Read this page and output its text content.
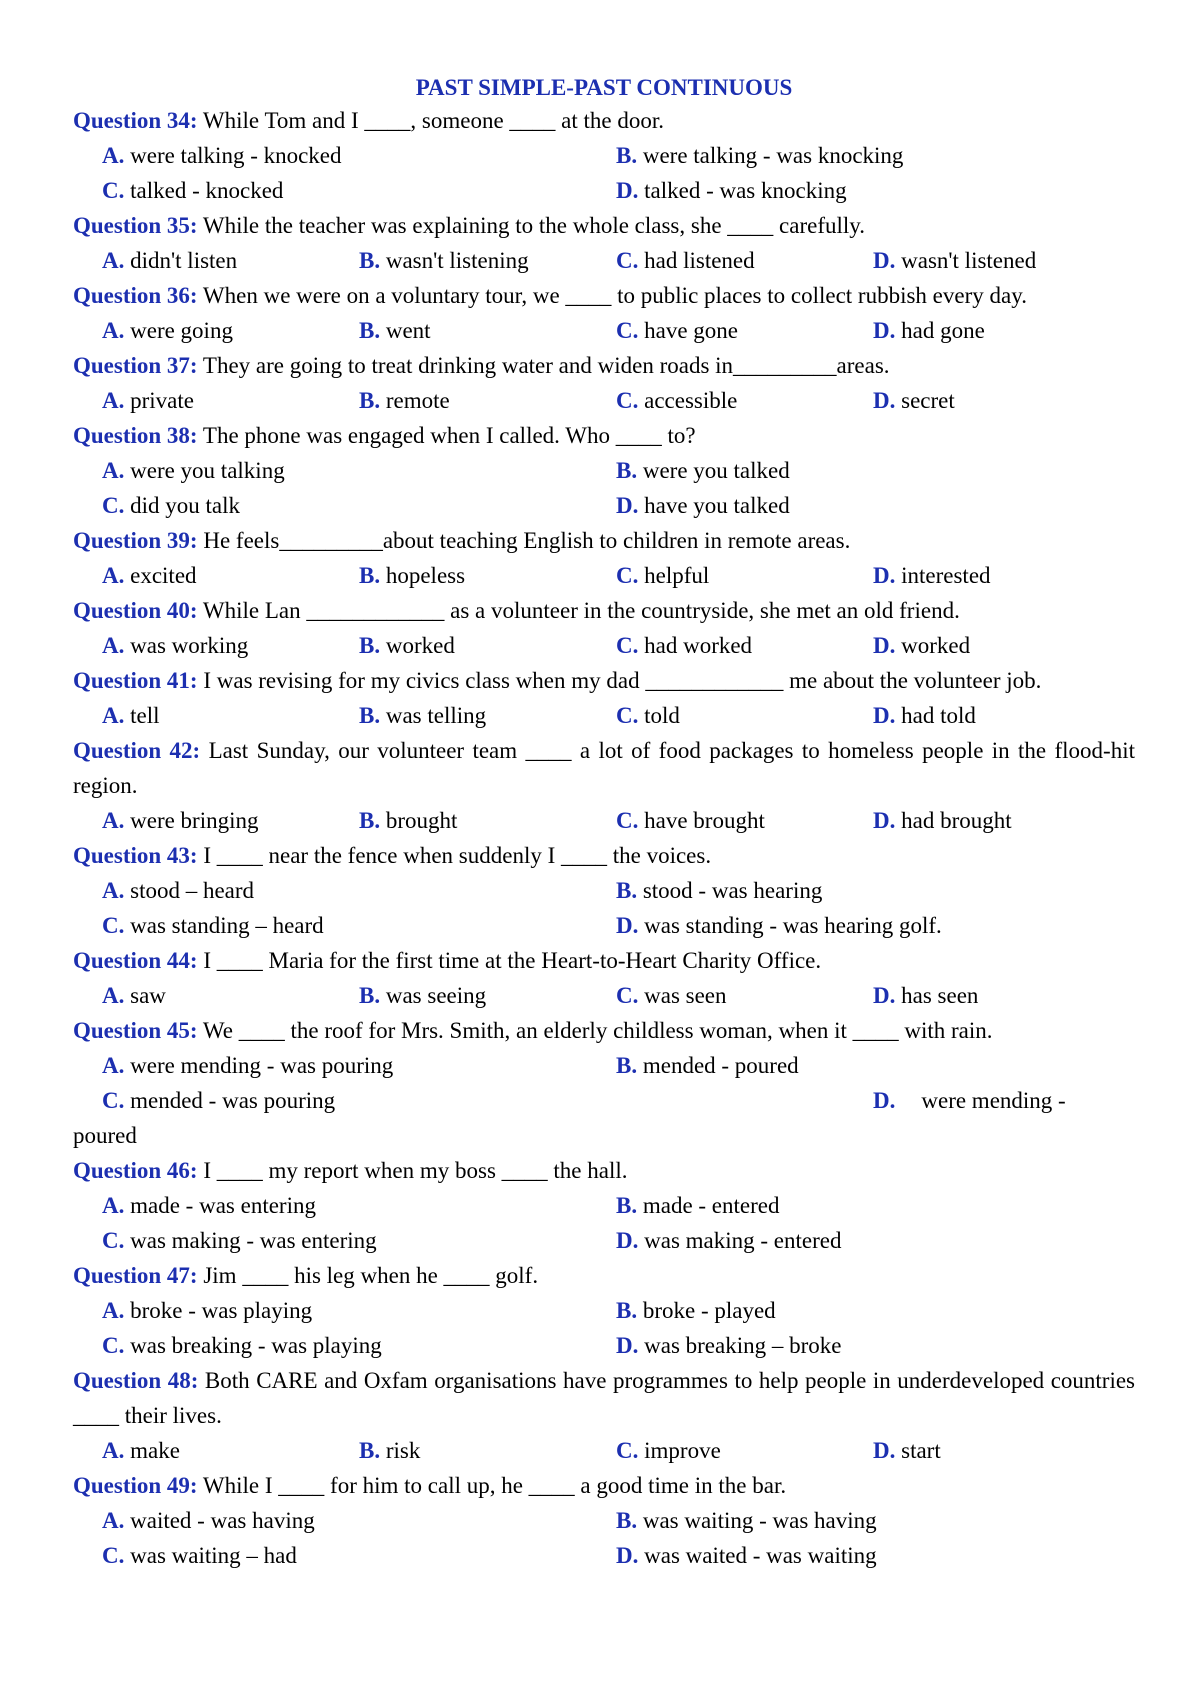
PAST SIMPLE-PAST CONTINUOUS
Question 34: While Tom and I ____, someone ____ at the door.
A. were talking - knocked	B. were talking - was knocking
C. talked - knocked	D. talked - was knocking
Question 35: While the teacher was explaining to the whole class, she ____ carefully.
A. didn't listen	B. wasn't listening	C. had listened	D. wasn't listened
Question 36: When we were on a voluntary tour, we ____ to public places to collect rubbish every day.
A. were going	B. went	C. have gone	D. had gone
Question 37: They are going to treat drinking water and widen roads in_________areas.
A. private	B. remote	C. accessible	D. secret
Question 38: The phone was engaged when I called. Who ____ to?
A. were you talking	B. were you talked
C. did you talk	D. have you talked
Question 39: He feels_________about teaching English to children in remote areas.
A. excited	B. hopeless	C. helpful	D. interested
Question 40: While Lan ____________ as a volunteer in the countryside, she met an old friend.
A. was working	B. worked	C. had worked	D. worked
Question 41: I was revising for my civics class when my dad ____________ me about the volunteer job.
A. tell	B. was telling	C. told	D. had told
Question 42: Last Sunday, our volunteer team ____ a lot of food packages to homeless people in the flood-hit region.
A. were bringing	B. brought	C. have brought	D. had brought
Question 43: I ____ near the fence when suddenly I ____ the voices.
A. stood – heard	B. stood - was hearing
C. was standing – heard	D. was standing - was hearing golf.
Question 44: I ____ Maria for the first time at the Heart-to-Heart Charity Office.
A. saw	B. was seeing	C. was seen	D. has seen
Question 45: We ____ the roof for Mrs. Smith, an elderly childless woman, when it ____ with rain.
A. were mending - was pouring	B. mended - poured
C. mended - was pouring	D.	were mending -
poured
Question 46: I ____ my report when my boss ____ the hall.
A. made - was entering	B. made - entered
C. was making - was entering	D. was making - entered
Question 47: Jim ____ his leg when he ____ golf.
A. broke - was playing	B. broke - played
C. was breaking - was playing	D. was breaking – broke
Question 48: Both CARE and Oxfam organisations have programmes to help people in underdeveloped countries ____ their lives.
A. make	B. risk	C. improve	D. start
Question 49: While I ____ for him to call up, he ____ a good time in the bar.
A. waited - was having	B. was waiting - was having
C. was waiting – had	D. was waited - was waiting
